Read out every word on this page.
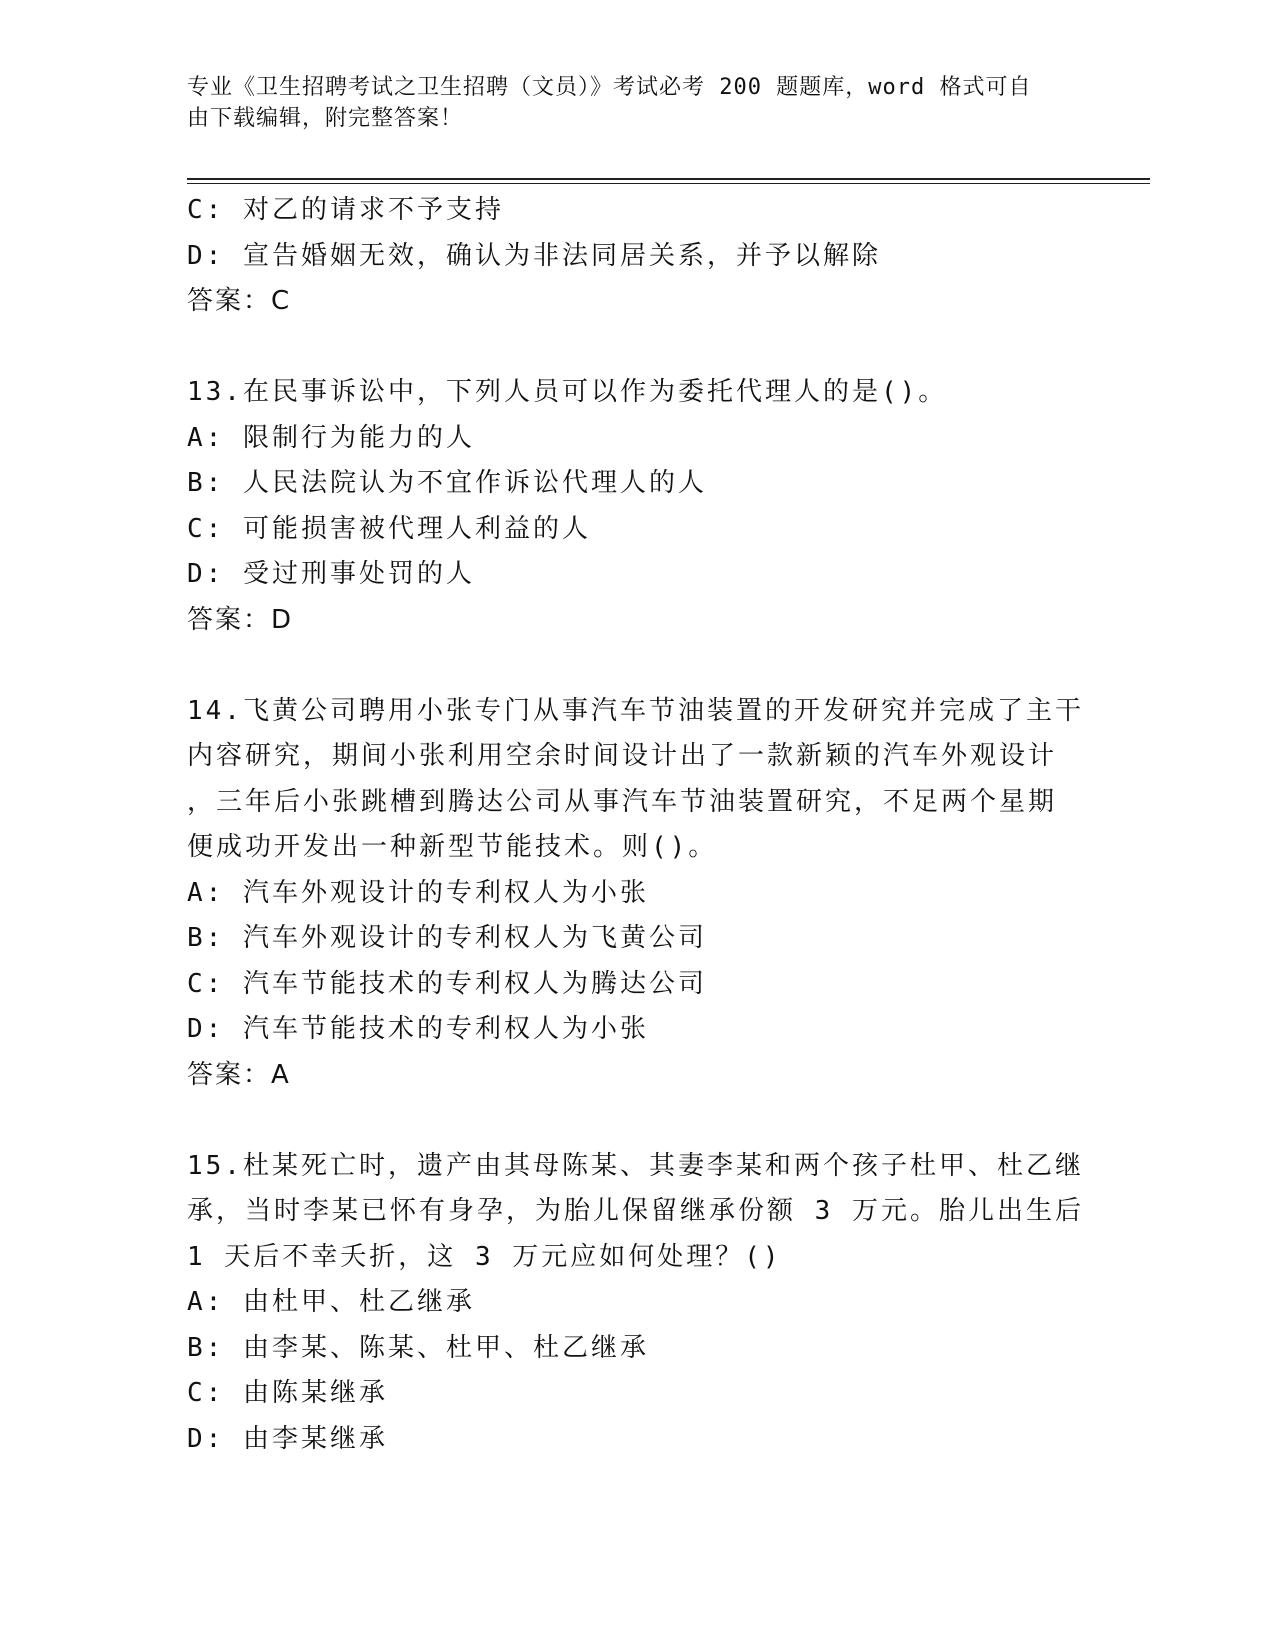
专业《卫生招聘考试之卫生招聘（文员）》考试必考 200 题题库，word 格式可自
由下载编辑，附完整答案！
C: 对乙的请求不予支持
D: 宣告婚姻无效，确认为非法同居关系，并予以解除
答案：C
13.在民事诉讼中，下列人员可以作为委托代理人的是()。
A: 限制行为能力的人
B: 人民法院认为不宜作诉讼代理人的人
C: 可能损害被代理人利益的人
D: 受过刑事处罚的人
答案：D
14.飞黄公司聘用小张专门从事汽车节油装置的开发研究并完成了主干
内容研究，期间小张利用空余时间设计出了一款新颖的汽车外观设计
，三年后小张跳槽到腾达公司从事汽车节油装置研究，不足两个星期
便成功开发出一种新型节能技术。则()。
A: 汽车外观设计的专利权人为小张
B: 汽车外观设计的专利权人为飞黄公司
C: 汽车节能技术的专利权人为腾达公司
D: 汽车节能技术的专利权人为小张
答案：A
15.杜某死亡时，遗产由其母陈某、其妻李某和两个孩子杜甲、杜乙继
承，当时李某已怀有身孕，为胎儿保留继承份额 3 万元。胎儿出生后
1 天后不幸夭折，这 3 万元应如何处理？()
A: 由杜甲、杜乙继承
B: 由李某、陈某、杜甲、杜乙继承
C: 由陈某继承
D: 由李某继承
